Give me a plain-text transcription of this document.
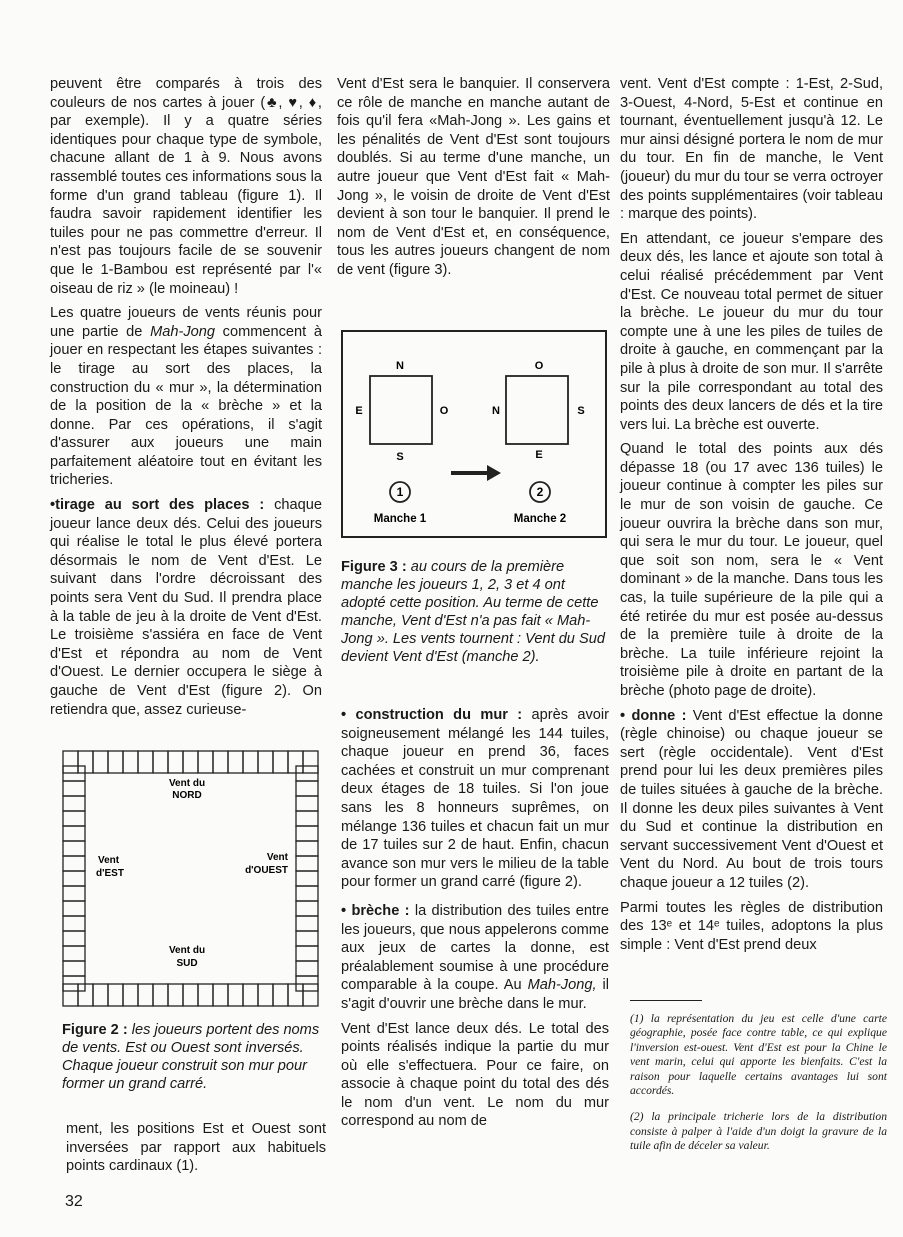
peuvent être comparés à trois des couleurs de nos cartes à jouer (♣, ♥, ♦, par exemple). Il y a quatre séries identiques pour chaque type de symbole, chacune allant de 1 à 9. Nous avons rassemblé toutes ces informations sous la forme d'un grand tableau (figure 1). Il faudra savoir rapidement identifier les tuiles pour ne pas commettre d'erreur. Il n'est pas toujours facile de se souvenir que le 1-Bambou est représenté par l'« oiseau de riz » (le moineau) !

Les quatre joueurs de vents réunis pour une partie de Mah-Jong commencent à jouer en respectant les étapes suivantes : le tirage au sort des places, la construction du « mur », la détermination de la position de la « brèche » et la donne. Par ces opérations, il s'agit d'assurer aux joueurs une main parfaitement aléatoire tout en évitant les tricheries.

•tirage au sort des places : chaque joueur lance deux dés. Celui des joueurs qui réalise le total le plus élevé portera désormais le nom de Vent d'Est. Le suivant dans l'ordre décroissant des points sera Vent du Sud. Il prendra place à la table de jeu à la droite de Vent d'Est. Le troisième s'assiéra en face de Vent d'Est et répondra au nom de Vent d'Ouest. Le dernier occupera le siège à gauche de Vent d'Est (figure 2). On retiendra que, assez curieuse-

Vent du
NORD
Vent
d'EST
Vent
d'OUEST
Vent du
SUD
Figure 2 : les joueurs portent des noms de vents. Est ou Ouest sont inversés. Chaque joueur construit son mur pour former un grand carré.

ment, les positions Est et Ouest sont inversées par rapport aux habituels points cardinaux (1).

Vent d'Est sera le banquier. Il conservera ce rôle de manche en manche autant de fois qu'il fera «Mah-Jong ». Les gains et les pénalités de Vent d'Est sont toujours doublés. Si au terme d'une manche, un autre joueur que Vent d'Est fait « Mah-Jong », le voisin de droite de Vent d'Est devient à son tour le banquier. Il prend le nom de Vent d'Est et, en conséquence, tous les autres joueurs changent de nom de vent (figure 3).

N
E	O
S
O
N	S
E
1	2
Manche 1	Manche 2
Figure 3 : au cours de la première manche les joueurs 1, 2, 3 et 4 ont adopté cette position. Au terme de cette manche, Vent d'Est n'a pas fait « Mah-Jong ». Les vents tournent : Vent du Sud devient Vent d'Est (manche 2).

• construction du mur : après avoir soigneusement mélangé les 144 tuiles, chaque joueur en prend 36, faces cachées et construit un mur comprenant deux étages de 18 tuiles. Si l'on joue sans les 8 honneurs suprêmes, on mélange 136 tuiles et chacun fait un mur de 17 tuiles sur 2 de haut. Enfin, chacun avance son mur vers le milieu de la table pour former un grand carré (figure 2).

• brèche : la distribution des tuiles entre les joueurs, que nous appelerons comme aux jeux de cartes la donne, est préalablement soumise à une procédure comparable à la coupe. Au Mah-Jong, il s'agit d'ouvrir une brèche dans le mur.

Vent d'Est lance deux dés. Le total des points réalisés indique la partie du mur où elle s'effectuera. Pour ce faire, on associe à chaque point du total des dés le nom d'un vent. Le nom du mur correspond au nom de

vent. Vent d'Est compte : 1-Est, 2-Sud, 3-Ouest, 4-Nord, 5-Est et continue en tournant, éventuellement jusqu'à 12. Le mur ainsi désigné portera le nom de mur du tour. En fin de manche, le Vent (joueur) du mur du tour se verra octroyer des points supplémentaires (voir tableau : marque des points).

En attendant, ce joueur s'empare des deux dés, les lance et ajoute son total à celui réalisé précédemment par Vent d'Est. Ce nouveau total permet de situer la brèche. Le joueur du mur du tour compte une à une les piles de tuiles de droite à gauche, en commençant par la pile à plus à droite de son mur. Il s'arrête sur la pile correspondant au total des points des deux lancers de dés et la tire vers lui. La brèche est ouverte.

Quand le total des points aux dés dépasse 18 (ou 17 avec 136 tuiles) le joueur continue à compter les piles sur le mur de son voisin de gauche. Ce joueur ouvrira la brèche dans son mur, qui sera le mur du tour. Le joueur, quel que soit son nom, sera le « Vent dominant » de la manche. Dans tous les cas, la tuile supérieure de la pile qui a été retirée du mur est posée au-dessus de la première tuile à droite de la brèche. La tuile inférieure rejoint la troisième pile à droite en partant de la brèche (photo page de droite).

• donne : Vent d'Est effectue la donne (règle chinoise) ou chaque joueur se sert (règle occidentale). Vent d'Est prend pour lui les deux premières piles de tuiles situées à gauche de la brèche. Il donne les deux piles suivantes à Vent du Sud et continue la distribution en servant successivement Vent d'Ouest et Vent du Nord. Au bout de trois tours chaque joueur a 12 tuiles (2).

Parmi toutes les règles de distribution des 13ᵉ et 14ᵉ tuiles, adoptons la plus simple : Vent d'Est prend deux

(1) la représentation du jeu est celle d'une carte géographie, posée face contre table, ce qui explique l'inversion est-ouest. Vent d'Est est pour la Chine le vent marin, celui qui apporte les bienfaits. C'est la raison pour laquelle certains avantages lui sont accordés.

(2) la principale tricherie lors de la distribution consiste à palper à l'aide d'un doigt la gravure de la tuile afin de déceler sa valeur.

32
